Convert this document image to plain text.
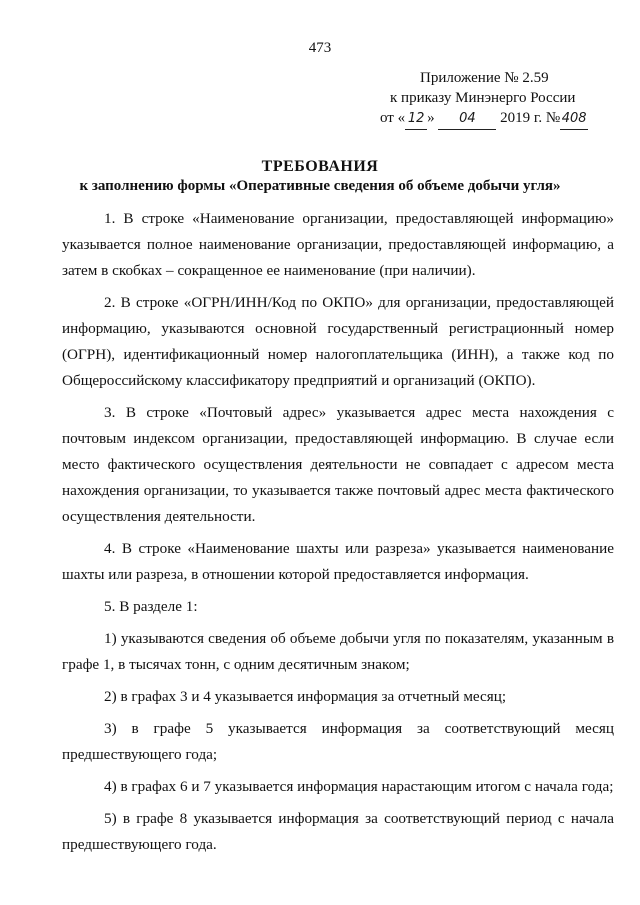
473
Приложение № 2.59
к приказу Минэнерго России
от « 12 » 04 2019 г. № 408
ТРЕБОВАНИЯ
к заполнению формы «Оперативные сведения об объеме добычи угля»

1. В строке «Наименование организации, предоставляющей информацию» указывается полное наименование организации, предоставляющей информацию, а затем в скобках – сокращенное ее наименование (при наличии).

2. В строке «ОГРН/ИНН/Код по ОКПО» для организации, предоставляющей информацию, указываются основной государственный регистрационный номер (ОГРН), идентификационный номер налогоплательщика (ИНН), а также код по Общероссийскому классификатору предприятий и организаций (ОКПО).

3. В строке «Почтовый адрес» указывается адрес места нахождения с почтовым индексом организации, предоставляющей информацию. В случае если место фактического осуществления деятельности не совпадает с адресом места нахождения организации, то указывается также почтовый адрес места фактического осуществления деятельности.

4. В строке «Наименование шахты или разреза» указывается наименование шахты или разреза, в отношении которой предоставляется информация.

5. В разделе 1:

1) указываются сведения об объеме добычи угля по показателям, указанным в графе 1, в тысячах тонн, с одним десятичным знаком;

2) в графах 3 и 4 указывается информация за отчетный месяц;

3) в графе 5 указывается информация за соответствующий месяц предшествующего года;

4) в графах 6 и 7 указывается информация нарастающим итогом с начала года;

5) в графе 8 указывается информация за соответствующий период с начала предшествующего года.
